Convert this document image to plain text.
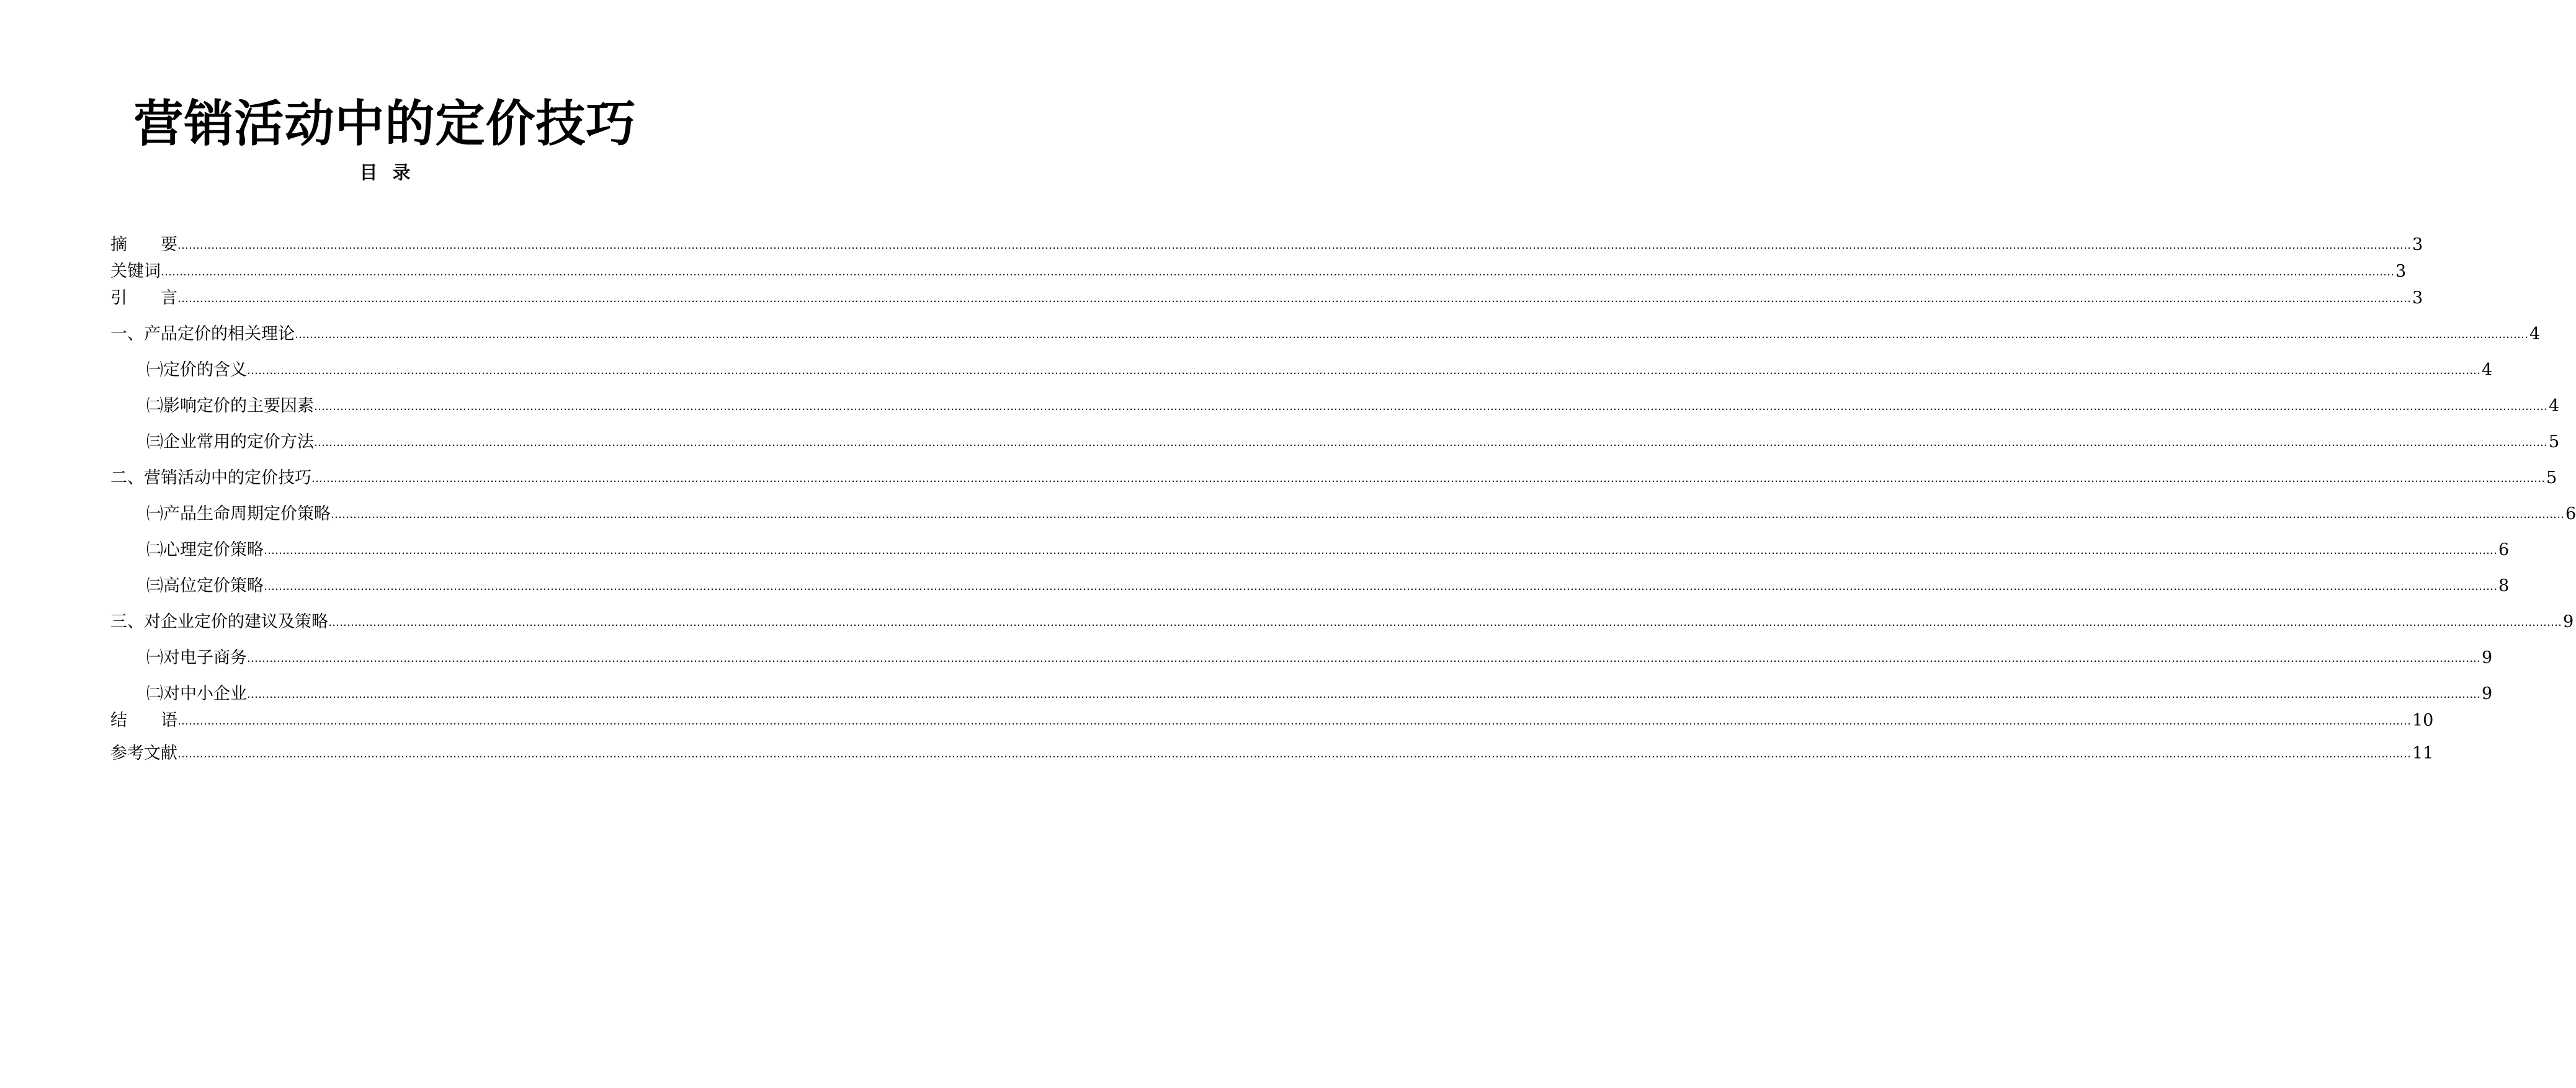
营销活动中的定价技巧
目录
摘　　要 …………………………………………………………………………………………………………………………………………………………………………………………………………………………………………………………………………………………………………………………………………………………………………………………………………………………………………………………………………………………………………………………………………………… 3
关键词 …………………………………………………………………………………………………………………………………………………………………………………………………………………………………………………………………………………………………………………………………………………………………………………………………………………………………………………………………………………………………………………………………………………… 3
引　　言 …………………………………………………………………………………………………………………………………………………………………………………………………………………………………………………………………………………………………………………………………………………………………………………………………………………………………………………………………………………………………………………………………………………… 3
一、产品定价的相关理论 …………………………………………………………………………………………………………………………………………………………………………………………………………………………………………………………………………………………………………………………………………………………………………………………………………………………………………………………………………………………………………………………………………………… 4
㈠定价的含义 …………………………………………………………………………………………………………………………………………………………………………………………………………………………………………………………………………………………………………………………………………………………………………………………………………………………………………………………………………………………………………………………………………………… 4
㈡影响定价的主要因素 …………………………………………………………………………………………………………………………………………………………………………………………………………………………………………………………………………………………………………………………………………………………………………………………………………………………………………………………………………………………………………………………………………………… 4
㈢企业常用的定价方法 …………………………………………………………………………………………………………………………………………………………………………………………………………………………………………………………………………………………………………………………………………………………………………………………………………………………………………………………………………………………………………………………………………………… 5
二、营销活动中的定价技巧 …………………………………………………………………………………………………………………………………………………………………………………………………………………………………………………………………………………………………………………………………………………………………………………………………………………………………………………………………………………………………………………………………………………… 5
㈠产品生命周期定价策略 …………………………………………………………………………………………………………………………………………………………………………………………………………………………………………………………………………………………………………………………………………………………………………………………………………………………………………………………………………………………………………………………………………………… 6
㈡心理定价策略 …………………………………………………………………………………………………………………………………………………………………………………………………………………………………………………………………………………………………………………………………………………………………………………………………………………………………………………………………………………………………………………………………………………… 6
㈢高位定价策略 …………………………………………………………………………………………………………………………………………………………………………………………………………………………………………………………………………………………………………………………………………………………………………………………………………………………………………………………………………………………………………………………………………………… 8
三、对企业定价的建议及策略 …………………………………………………………………………………………………………………………………………………………………………………………………………………………………………………………………………………………………………………………………………………………………………………………………………………………………………………………………………………………………………………………………………………… 9
㈠对电子商务 …………………………………………………………………………………………………………………………………………………………………………………………………………………………………………………………………………………………………………………………………………………………………………………………………………………………………………………………………………………………………………………………………………………… 9
㈡对中小企业 …………………………………………………………………………………………………………………………………………………………………………………………………………………………………………………………………………………………………………………………………………………………………………………………………………………………………………………………………………………………………………………………………………………… 9
结　　语 …………………………………………………………………………………………………………………………………………………………………………………………………………………………………………………………………………………………………………………………………………………………………………………………………………………………………………………………………………………………………………………………………………………… 10
参考文献 …………………………………………………………………………………………………………………………………………………………………………………………………………………………………………………………………………………………………………………………………………………………………………………………………………………………………………………………………………………………………………………………………………………… 11
